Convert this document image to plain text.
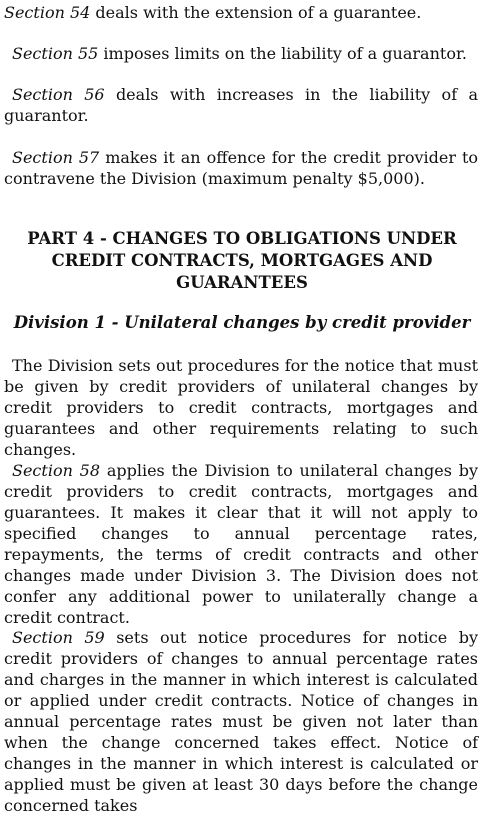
Section 54 deals with the extension of a guarantee.

Section 55 imposes limits on the liability of a guarantor.

Section 56 deals with increases in the liability of a guarantor.

Section 57 makes it an offence for the credit provider to contravene the Division (maximum penalty $5,000).

PART 4 - CHANGES TO OBLIGATIONS UNDER
CREDIT CONTRACTS, MORTGAGES AND
GUARANTEES
Division 1 - Unilateral changes by credit provider

The Division sets out procedures for the notice that must be given by credit providers of unilateral changes by credit providers to credit contracts, mortgages and guarantees and other requirements relating to such changes.

Section 58 applies the Division to unilateral changes by credit providers to credit contracts, mortgages and guarantees. It makes it clear that it will not apply to specified changes to annual percentage rates, repayments, the terms of credit contracts and other changes made under Division 3. The Division does not confer any additional power to unilaterally change a credit contract.

Section 59 sets out notice procedures for notice by credit providers of changes to annual percentage rates and charges in the manner in which interest is calculated or applied under credit contracts. Notice of changes in annual percentage rates must be given not later than when the change concerned takes effect. Notice of changes in the manner in which interest is calculated or applied must be given at least 30 days before the change concerned takes
